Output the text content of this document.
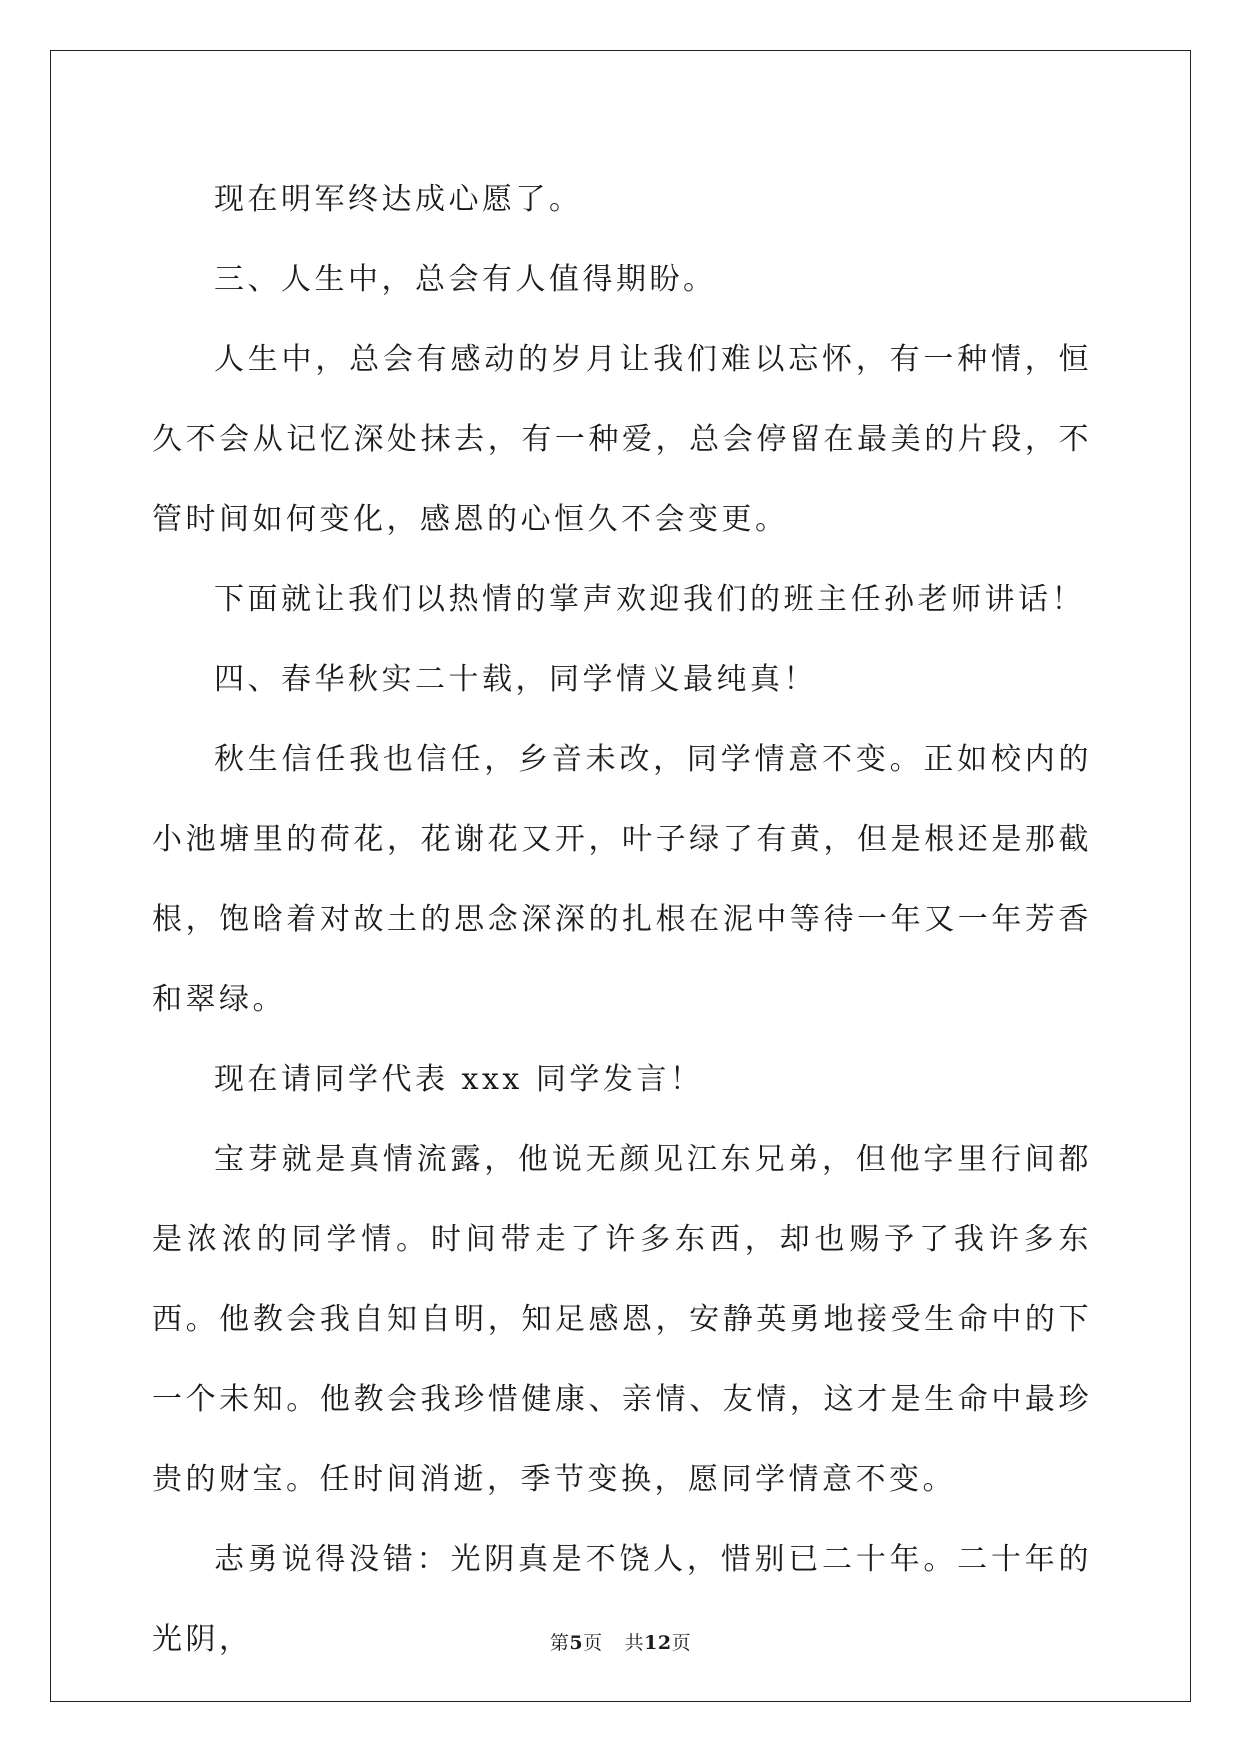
现在明军终达成心愿了。

三、人生中，总会有人值得期盼。

人生中，总会有感动的岁月让我们难以忘怀，有一种情，恒久不会从记忆深处抹去，有一种爱，总会停留在最美的片段，不管时间如何变化，感恩的心恒久不会变更。

下面就让我们以热情的掌声欢迎我们的班主任孙老师讲话！

四、春华秋实二十载，同学情义最纯真！

秋生信任我也信任，乡音未改，同学情意不变。正如校内的小池塘里的荷花，花谢花又开，叶子绿了有黄，但是根还是那截根，饱晗着对故土的思念深深的扎根在泥中等待一年又一年芳香和翠绿。

现在请同学代表 xxx 同学发言！

宝芽就是真情流露，他说无颜见江东兄弟，但他字里行间都是浓浓的同学情。时间带走了许多东西，却也赐予了我许多东西。他教会我自知自明，知足感恩，安静英勇地接受生命中的下一个未知。他教会我珍惜健康、亲情、友情，这才是生命中最珍贵的财宝。任时间消逝，季节变换，愿同学情意不变。

志勇说得没错：光阴真是不饶人，惜别已二十年。二十年的光阴，	第5页 共12页
